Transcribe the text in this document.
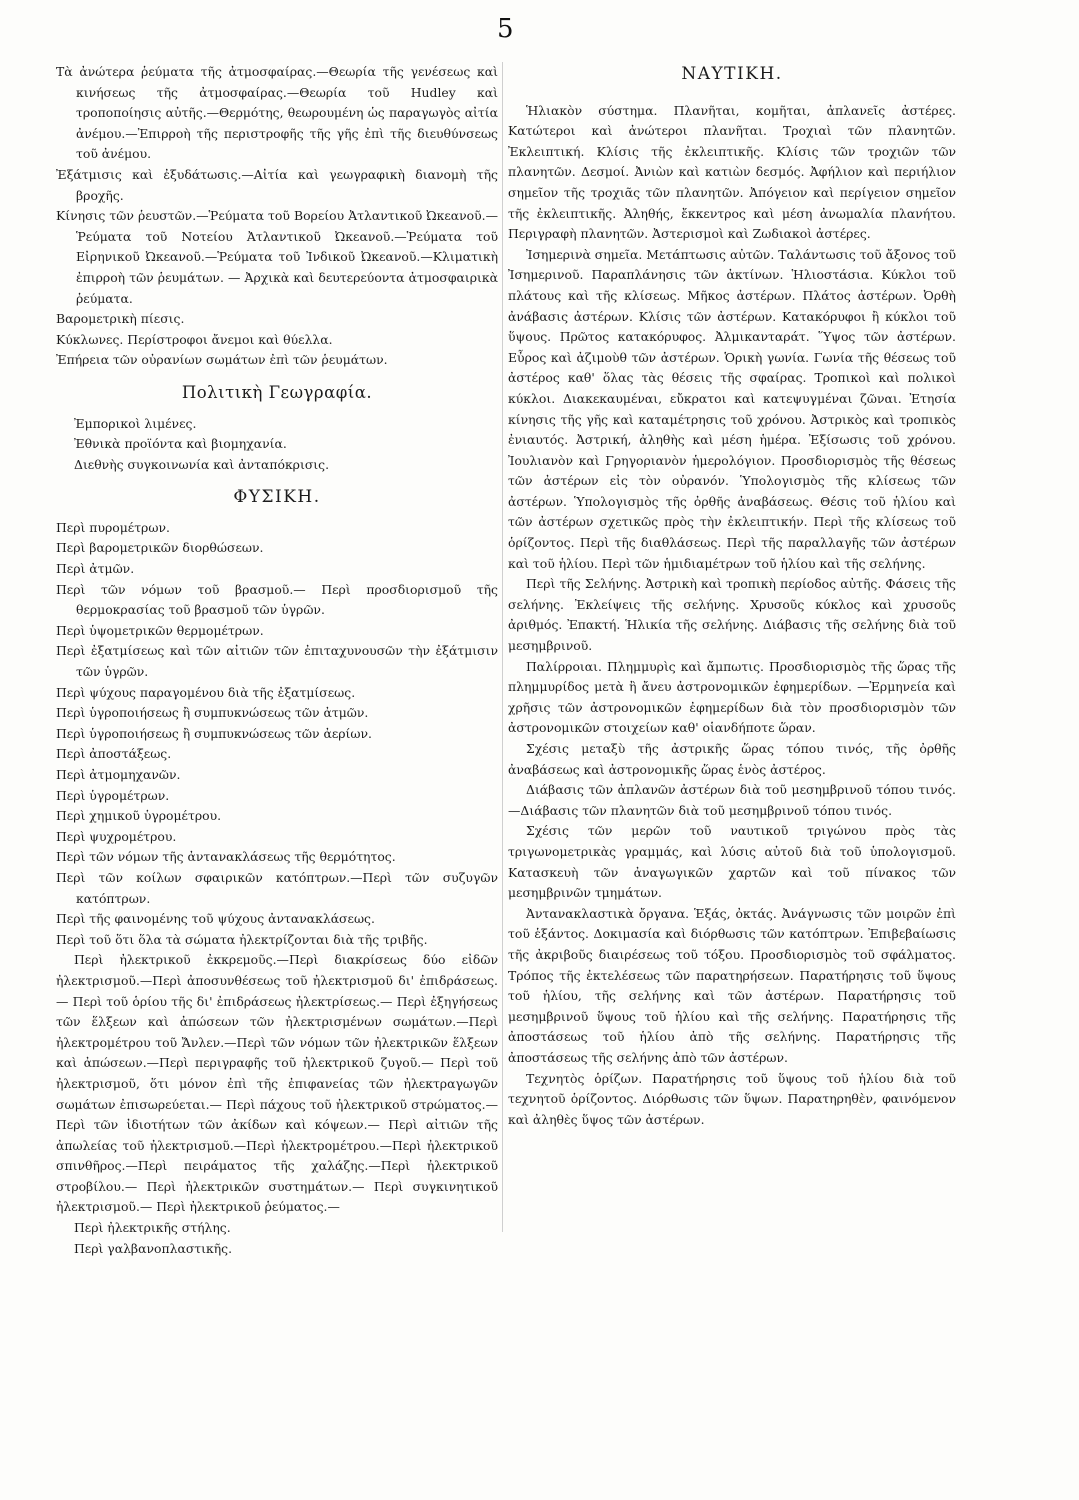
5

Τὰ ἀνώτερα ῥεύματα τῆς ἀτμοσφαίρας.—Θεωρία τῆς γενέσεως καὶ κινήσεως τῆς ἀτμοσφαίρας.—Θεωρία τοῦ Hudley καὶ τροποποίησις αὐτῆς.—Θερμότης, θεωρουμένη ὡς παραγωγὸς αἰτία ἀνέμου.—Ἐπιρροὴ τῆς περιστροφῆς τῆς γῆς ἐπὶ τῆς διευθύνσεως τοῦ ἀνέμου.

Ἐξάτμισις καὶ ἐξυδάτωσις.—Αἰτία καὶ γεωγραφικὴ διανομὴ τῆς βροχῆς.

Κίνησις τῶν ῥευστῶν.—Ῥεύματα τοῦ Βορείου Ἀτλαντικοῦ Ὠκεανοῦ.—Ῥεύματα τοῦ Νοτείου Ἀτλαντικοῦ Ὠκεανοῦ.—Ῥεύματα τοῦ Εἰρηνικοῦ Ὠκεανοῦ.—Ῥεύματα τοῦ Ἰνδικοῦ Ὠκεανοῦ.—Κλιματικὴ ἐπιρροὴ τῶν ῥευμάτων. — Ἀρχικὰ καὶ δευτερεύοντα ἀτμοσφαιρικὰ ῥεύματα.

Βαρομετρικὴ πίεσις.

Κύκλωνες. Περίστροφοι ἄνεμοι καὶ θύελλα.

Ἐπήρεια τῶν οὐρανίων σωμάτων ἐπὶ τῶν ῥευμάτων.

Πολιτικὴ Γεωγραφία.

Ἐμπορικοὶ λιμένες.

Ἐθνικὰ προϊόντα καὶ βιομηχανία.

Διεθνὴς συγκοινωνία καὶ ἀνταπόκρισις.

ΦΥΣΙΚΗ.

Περὶ πυρομέτρων.

Περὶ βαρομετρικῶν διορθώσεων.

Περὶ ἀτμῶν.

Περὶ τῶν νόμων τοῦ βρασμοῦ.— Περὶ προσδιορισμοῦ τῆς θερμοκρασίας τοῦ βρασμοῦ τῶν ὑγρῶν.

Περὶ ὑψομετρικῶν θερμομέτρων.

Περὶ ἐξατμίσεως καὶ τῶν αἰτιῶν τῶν ἐπιταχυνουσῶν τὴν ἐξάτμισιν τῶν ὑγρῶν.

Περὶ ψύχους παραγομένου διὰ τῆς ἐξατμίσεως.

Περὶ ὑγροποιήσεως ἢ συμπυκνώσεως τῶν ἀτμῶν.

Περὶ ὑγροποιήσεως ἢ συμπυκνώσεως τῶν ἀερίων.

Περὶ ἀποστάξεως.

Περὶ ἀτμομηχανῶν.

Περὶ ὑγρομέτρων.

Περὶ χημικοῦ ὑγρομέτρου.

Περὶ ψυχρομέτρου.

Περὶ τῶν νόμων τῆς ἀντανακλάσεως τῆς θερμότητος.

Περὶ τῶν κοίλων σφαιρικῶν κατόπτρων.—Περὶ τῶν συζυγῶν κατόπτρων.

Περὶ τῆς φαινομένης τοῦ ψύχους ἀντανακλάσεως.

Περὶ τοῦ ὅτι ὅλα τὰ σώματα ἠλεκτρίζονται διὰ τῆς τριβῆς.

Περὶ ἠλεκτρικοῦ ἐκκρεμοῦς.—Περὶ διακρίσεως δύο εἰδῶν ἠλεκτρισμοῦ.—Περὶ ἀποσυνθέσεως τοῦ ἠλεκτρισμοῦ δι' ἐπιδράσεως.— Περὶ τοῦ ὁρίου τῆς δι' ἐπιδράσεως ἠλεκτρίσεως.— Περὶ ἐξηγήσεως τῶν ἕλξεων καὶ ἀπώσεων τῶν ἠλεκτρισμένων σωμάτων.—Περὶ ἠλεκτρομέτρου τοῦ Ἄνλεν.—Περὶ τῶν νόμων τῶν ἠλεκτρικῶν ἕλξεων καὶ ἀπώσεων.—Περὶ περιγραφῆς τοῦ ἠλεκτρικοῦ ζυγοῦ.— Περὶ τοῦ ἠλεκτρισμοῦ, ὅτι μόνον ἐπὶ τῆς ἐπιφανείας τῶν ἠλεκτραγωγῶν σωμάτων ἐπισωρεύεται.— Περὶ πάχους τοῦ ἠλεκτρικοῦ στρώματος.— Περὶ τῶν ἰδιοτήτων τῶν ἀκίδων καὶ κόψεων.— Περὶ αἰτιῶν τῆς ἀπωλείας τοῦ ἠλεκτρισμοῦ.—Περὶ ἠλεκτρομέτρου.—Περὶ ἠλεκτρικοῦ σπινθῆρος.—Περὶ πειράματος τῆς χαλάζης.—Περὶ ἠλεκτρικοῦ στροβίλου.— Περὶ ἠλεκτρικῶν συστημάτων.— Περὶ συγκινητικοῦ ἠλεκτρισμοῦ.— Περὶ ἠλεκτρικοῦ ῥεύματος.—

Περὶ ἠλεκτρικῆς στήλης.

Περὶ γαλβανοπλαστικῆς.

ΝΑΥΤΙΚΗ.

Ἡλιακὸν σύστημα. Πλανῆται, κομῆται, ἀπλανεῖς ἀστέρες. Κατώτεροι καὶ ἀνώτεροι πλανῆται. Τροχιαὶ τῶν πλανητῶν. Ἐκλειπτική. Κλίσις τῆς ἐκλειπτικῆς. Κλίσις τῶν τροχιῶν τῶν πλανητῶν. Δεσμοί. Ἀνιὼν καὶ κατιὼν δεσμός. Ἀφήλιον καὶ περιήλιον σημεῖον τῆς τροχιᾶς τῶν πλανητῶν. Ἀπόγειον καὶ περίγειον σημεῖον τῆς ἐκλειπτικῆς. Ἀληθής, ἔκκεντρος καὶ μέση ἀνωμαλία πλανήτου. Περιγραφὴ πλανητῶν. Ἀστερισμοὶ καὶ Ζωδιακοὶ ἀστέρες.

Ἰσημερινὰ σημεῖα. Μετάπτωσις αὐτῶν. Ταλάντωσις τοῦ ἄξονος τοῦ Ἰσημερινοῦ. Παραπλάνησις τῶν ἀκτίνων. Ἡλιοστάσια. Κύκλοι τοῦ πλάτους καὶ τῆς κλίσεως. Μῆκος ἀστέρων. Πλάτος ἀστέρων. Ὀρθὴ ἀνάβασις ἀστέρων. Κλίσις τῶν ἀστέρων. Κατακόρυφοι ἢ κύκλοι τοῦ ὕψους. Πρῶτος κατακόρυφος. Ἀλμικανταράτ. Ὕψος τῶν ἀστέρων. Εὖρος καὶ ἀζιμοὺθ τῶν ἀστέρων. Ὁρικὴ γωνία. Γωνία τῆς θέσεως τοῦ ἀστέρος καθ' ὅλας τὰς θέσεις τῆς σφαίρας. Τροπικοὶ καὶ πολικοὶ κύκλοι. Διακεκαυμέναι, εὔκρατοι καὶ κατεψυγμέναι ζῶναι. Ἐτησία κίνησις τῆς γῆς καὶ καταμέτρησις τοῦ χρόνου. Ἀστρικὸς καὶ τροπικὸς ἐνιαυτός. Ἀστρική, ἀληθὴς καὶ μέση ἡμέρα. Ἐξίσωσις τοῦ χρόνου. Ἰουλιανὸν καὶ Γρηγοριανὸν ἡμερολόγιον. Προσδιορισμὸς τῆς θέσεως τῶν ἀστέρων εἰς τὸν οὐρανόν. Ὑπολογισμὸς τῆς κλίσεως τῶν ἀστέρων. Ὑπολογισμὸς τῆς ὀρθῆς ἀναβάσεως. Θέσις τοῦ ἡλίου καὶ τῶν ἀστέρων σχετικῶς πρὸς τὴν ἐκλειπτικήν. Περὶ τῆς κλίσεως τοῦ ὁρίζοντος. Περὶ τῆς διαθλάσεως. Περὶ τῆς παραλλαγῆς τῶν ἀστέρων καὶ τοῦ ἡλίου. Περὶ τῶν ἡμιδιαμέτρων τοῦ ἡλίου καὶ τῆς σελήνης.

Περὶ τῆς Σελήνης. Ἀστρικὴ καὶ τροπικὴ περίοδος αὐτῆς. Φάσεις τῆς σελήνης. Ἐκλείψεις τῆς σελήνης. Χρυσοῦς κύκλος καὶ χρυσοῦς ἀριθμός. Ἐπακτή. Ἡλικία τῆς σελήνης. Διάβασις τῆς σελήνης διὰ τοῦ μεσημβρινοῦ.

Παλίρροιαι. Πλημμυρὶς καὶ ἄμπωτις. Προσδιορισμὸς τῆς ὥρας τῆς πλημμυρίδος μετὰ ἢ ἄνευ ἀστρονομικῶν ἐφημερίδων. —Ἑρμηνεία καὶ χρῆσις τῶν ἀστρονομικῶν ἐφημερίδων διὰ τὸν προσδιορισμὸν τῶν ἀστρονομικῶν στοιχείων καθ' οἱανδήποτε ὥραν.

Σχέσις μεταξὺ τῆς ἀστρικῆς ὥρας τόπου τινός, τῆς ὀρθῆς ἀναβάσεως καὶ ἀστρονομικῆς ὥρας ἑνὸς ἀστέρος.

Διάβασις τῶν ἀπλανῶν ἀστέρων διὰ τοῦ μεσημβρινοῦ τόπου τινός.—Διάβασις τῶν πλανητῶν διὰ τοῦ μεσημβρινοῦ τόπου τινός.

Σχέσις τῶν μερῶν τοῦ ναυτικοῦ τριγώνου πρὸς τὰς τριγωνομετρικὰς γραμμάς, καὶ λύσις αὐτοῦ διὰ τοῦ ὑπολογισμοῦ. Κατασκευὴ τῶν ἀναγωγικῶν χαρτῶν καὶ τοῦ πίνακος τῶν μεσημβρινῶν τμημάτων.

Ἀντανακλαστικὰ ὄργανα. Ἑξάς, ὀκτάς. Ἀνάγνωσις τῶν μοιρῶν ἐπὶ τοῦ ἑξάντος. Δοκιμασία καὶ διόρθωσις τῶν κατόπτρων. Ἐπιβεβαίωσις τῆς ἀκριβοῦς διαιρέσεως τοῦ τόξου. Προσδιορισμὸς τοῦ σφάλματος. Τρόπος τῆς ἐκτελέσεως τῶν παρατηρήσεων. Παρατήρησις τοῦ ὕψους τοῦ ἡλίου, τῆς σελήνης καὶ τῶν ἀστέρων. Παρατήρησις τοῦ μεσημβρινοῦ ὕψους τοῦ ἡλίου καὶ τῆς σελήνης. Παρατήρησις τῆς ἀποστάσεως τοῦ ἡλίου ἀπὸ τῆς σελήνης. Παρατήρησις τῆς ἀποστάσεως τῆς σελήνης ἀπὸ τῶν ἀστέρων.

Τεχνητὸς ὁρίζων. Παρατήρησις τοῦ ὕψους τοῦ ἡλίου διὰ τοῦ τεχνητοῦ ὁρίζοντος. Διόρθωσις τῶν ὕψων. Παρατηρηθὲν, φαινόμενον καὶ ἀληθὲς ὕψος τῶν ἀστέρων.
